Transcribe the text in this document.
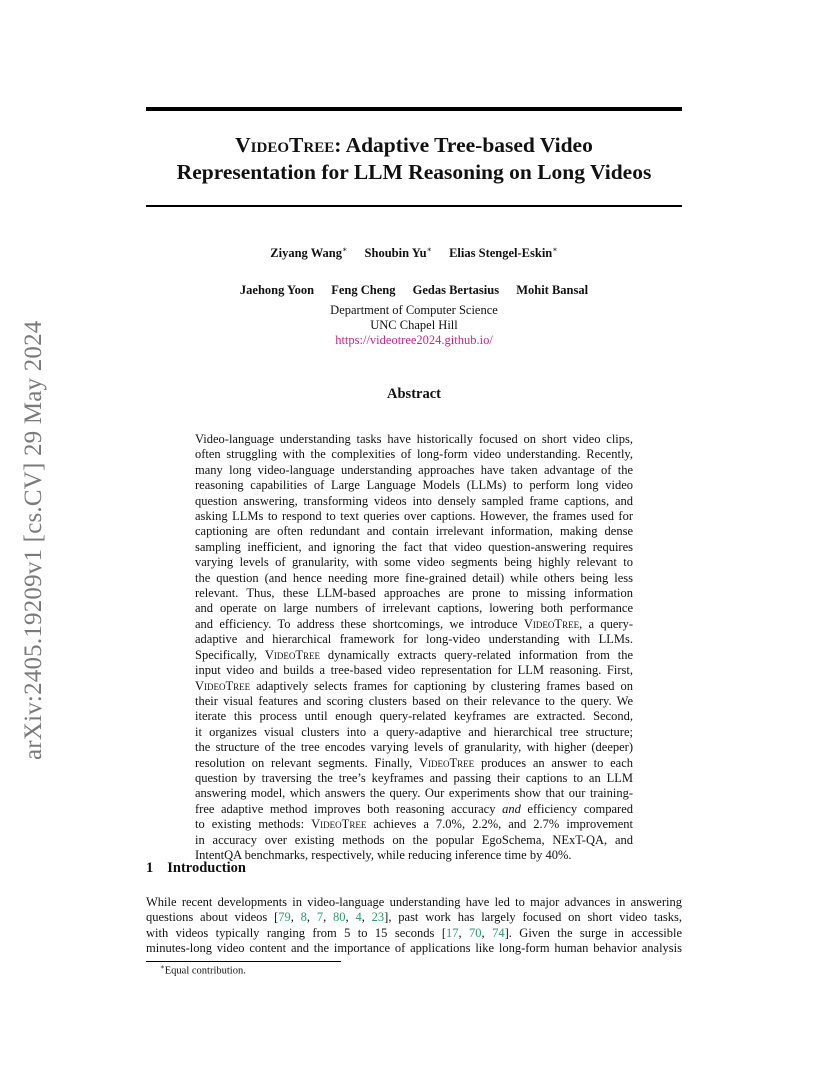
arXiv:2405.19209v1 [cs.CV] 29 May 2024
VideoTree: Adaptive Tree-based Video
Representation for LLM Reasoning on Long Videos
Ziyang Wang∗ Shoubin Yu∗ Elias Stengel-Eskin∗
Jaehong Yoon Feng Cheng Gedas Bertasius Mohit Bansal
Department of Computer Science
UNC Chapel Hill
https://videotree2024.github.io/
Abstract
Video-language understanding tasks have historically focused on short video clips,
often struggling with the complexities of long-form video understanding. Recently,
many long video-language understanding approaches have taken advantage of the
reasoning capabilities of Large Language Models (LLMs) to perform long video
question answering, transforming videos into densely sampled frame captions, and
asking LLMs to respond to text queries over captions. However, the frames used for
captioning are often redundant and contain irrelevant information, making dense
sampling inefficient, and ignoring the fact that video question-answering requires
varying levels of granularity, with some video segments being highly relevant to
the question (and hence needing more fine-grained detail) while others being less
relevant. Thus, these LLM-based approaches are prone to missing information
and operate on large numbers of irrelevant captions, lowering both performance
and efficiency. To address these shortcomings, we introduce VideoTree, a query-
adaptive and hierarchical framework for long-video understanding with LLMs.
Specifically, VideoTree dynamically extracts query-related information from the
input video and builds a tree-based video representation for LLM reasoning. First,
VideoTree adaptively selects frames for captioning by clustering frames based on
their visual features and scoring clusters based on their relevance to the query. We
iterate this process until enough query-related keyframes are extracted. Second,
it organizes visual clusters into a query-adaptive and hierarchical tree structure;
the structure of the tree encodes varying levels of granularity, with higher (deeper)
resolution on relevant segments. Finally, VideoTree produces an answer to each
question by traversing the tree’s keyframes and passing their captions to an LLM
answering model, which answers the query. Our experiments show that our training-
free adaptive method improves both reasoning accuracy and efficiency compared
to existing methods: VideoTree achieves a 7.0%, 2.2%, and 2.7% improvement
in accuracy over existing methods on the popular EgoSchema, NExT-QA, and
IntentQA benchmarks, respectively, while reducing inference time by 40%.
1 Introduction
While recent developments in video-language understanding have led to major advances in answering
questions about videos [79, 8, 7, 80, 4, 23], past work has largely focused on short video tasks,
with videos typically ranging from 5 to 15 seconds [17, 70, 74]. Given the surge in accessible
minutes-long video content and the importance of applications like long-form human behavior analysis
∗Equal contribution.
